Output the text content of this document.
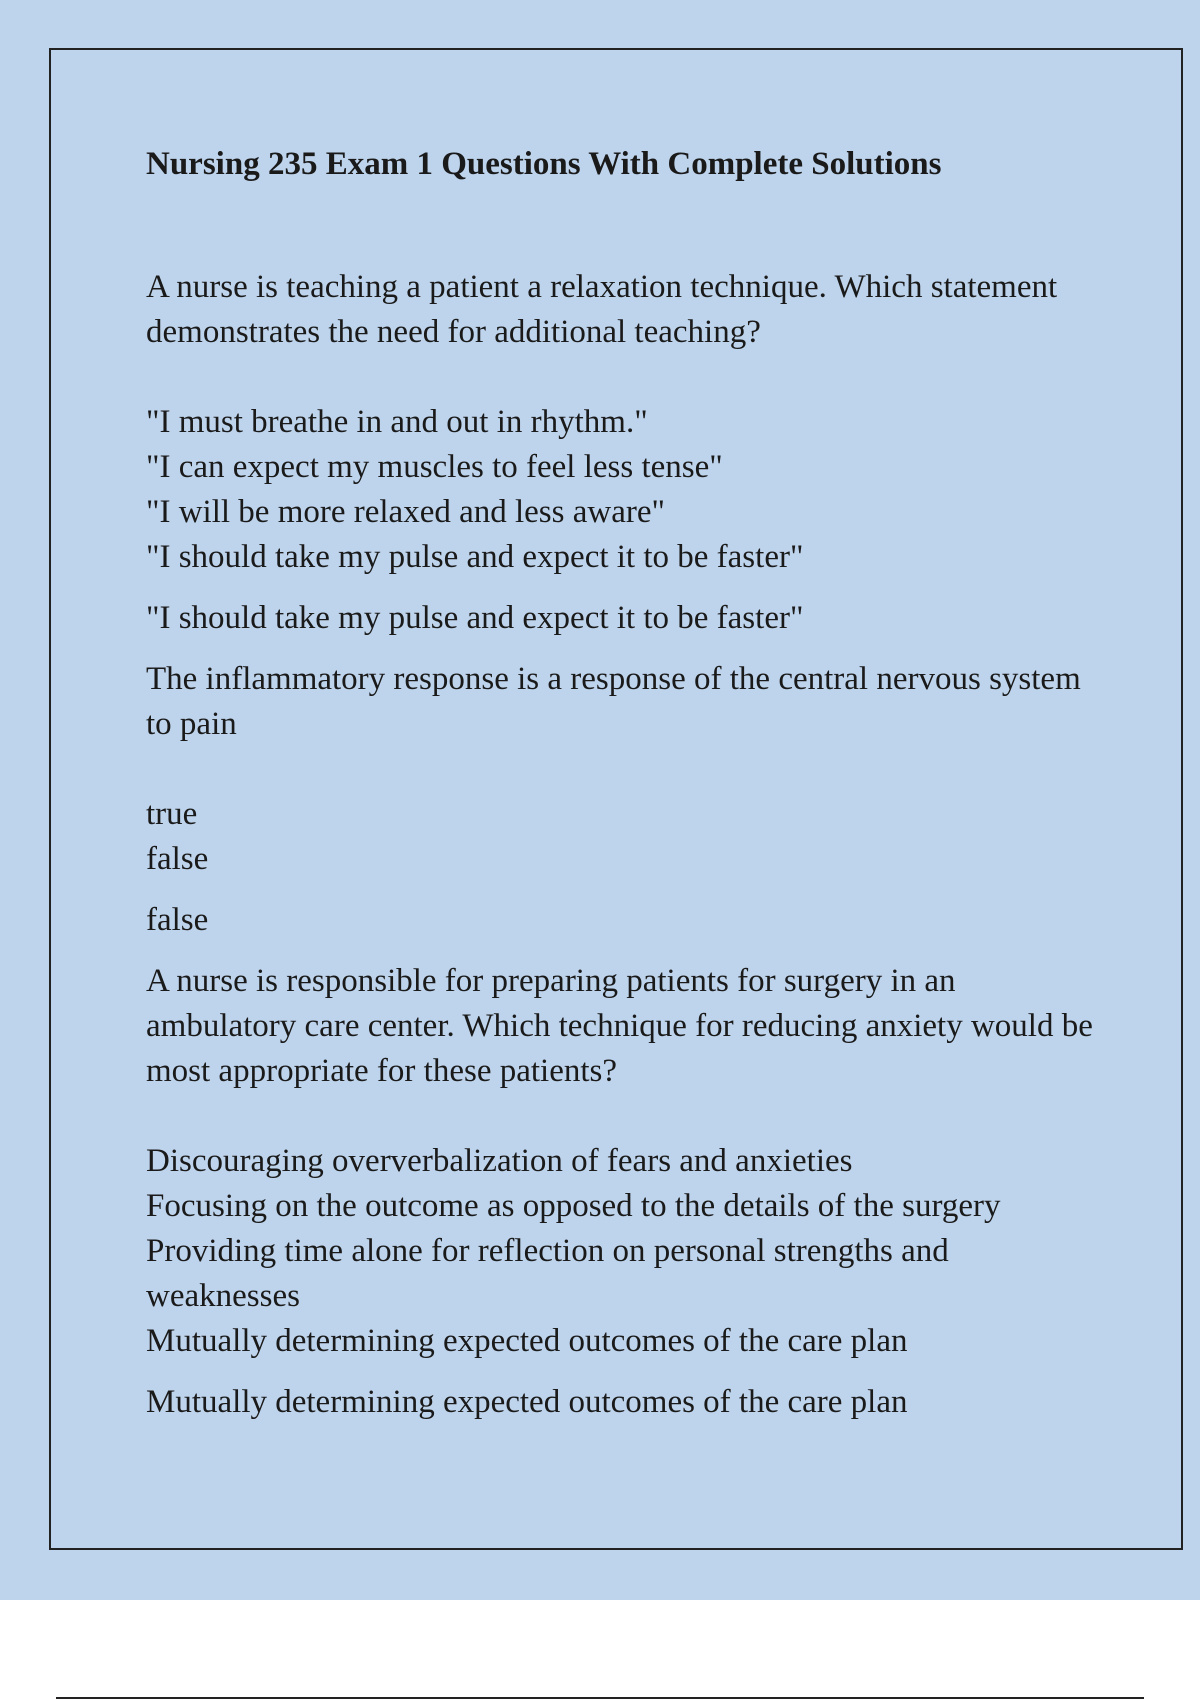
Nursing 235 Exam 1 Questions With Complete Solutions
A nurse is teaching a patient a relaxation technique. Which statement demonstrates the need for additional teaching?
"I must breathe in and out in rhythm."
"I can expect my muscles to feel less tense"
"I will be more relaxed and less aware"
"I should take my pulse and expect it to be faster"
"I should take my pulse and expect it to be faster"
The inflammatory response is a response of the central nervous system to pain
true
false
false
A nurse is responsible for preparing patients for surgery in an ambulatory care center. Which technique for reducing anxiety would be most appropriate for these patients?
Discouraging oververbalization of fears and anxieties
Focusing on the outcome as opposed to the details of the surgery
Providing time alone for reflection on personal strengths and weaknesses
Mutually determining expected outcomes of the care plan
Mutually determining expected outcomes of the care plan
